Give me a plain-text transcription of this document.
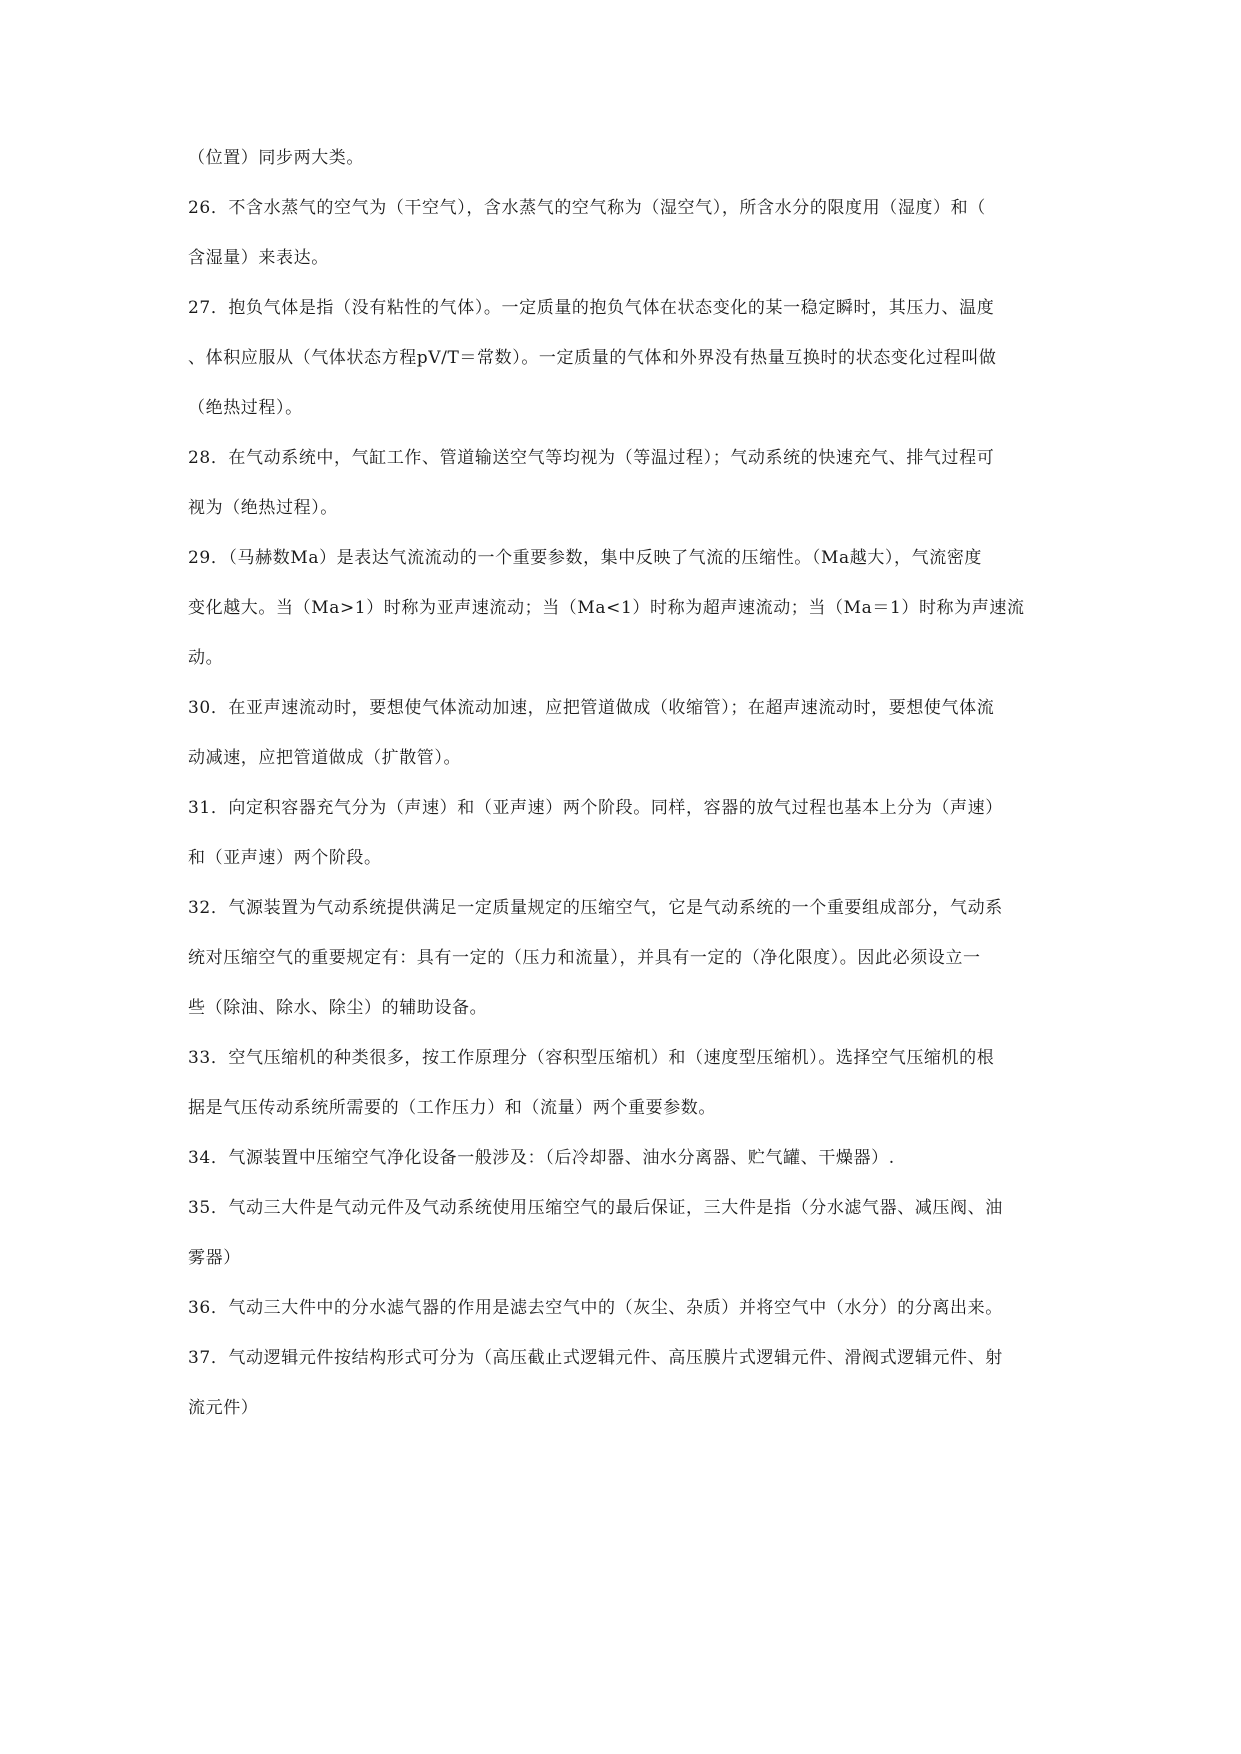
（位置）同步两大类。
26．不含水蒸气的空气为（干空气），含水蒸气的空气称为（湿空气），所含水分的限度用（湿度）和（
含湿量）来表达。
27．抱负气体是指（没有粘性的气体）。一定质量的抱负气体在状态变化的某一稳定瞬时，其压力、温度
、体积应服从（气体状态方程pV/T＝常数）。一定质量的气体和外界没有热量互换时的状态变化过程叫做
（绝热过程）。
28．在气动系统中，气缸工作、管道输送空气等均视为（等温过程）；气动系统的快速充气、排气过程可
视为（绝热过程）。
29．（马赫数Ma）是表达气流流动的一个重要参数，集中反映了气流的压缩性。（Ma越大），气流密度
变化越大。当（Ma>1）时称为亚声速流动；当（Ma<1）时称为超声速流动；当（Ma＝1）时称为声速流
动。
30．在亚声速流动时，要想使气体流动加速，应把管道做成（收缩管）；在超声速流动时，要想使气体流
动减速，应把管道做成（扩散管）。
31．向定积容器充气分为（声速）和（亚声速）两个阶段。同样，容器的放气过程也基本上分为（声速）
和（亚声速）两个阶段。
32．气源装置为气动系统提供满足一定质量规定的压缩空气，它是气动系统的一个重要组成部分，气动系
统对压缩空气的重要规定有：具有一定的（压力和流量），并具有一定的（净化限度）。因此必须设立一
些（除油、除水、除尘）的辅助设备。
33．空气压缩机的种类很多，按工作原理分（容积型压缩机）和（速度型压缩机）。选择空气压缩机的根
据是气压传动系统所需要的（工作压力）和（流量）两个重要参数。
34．气源装置中压缩空气净化设备一般涉及：（后冷却器、油水分离器、贮气罐、干燥器）.
35．气动三大件是气动元件及气动系统使用压缩空气的最后保证，三大件是指（分水滤气器、减压阀、油
雾器）
36．气动三大件中的分水滤气器的作用是滤去空气中的（灰尘、杂质）并将空气中（水分）的分离出来。
37．气动逻辑元件按结构形式可分为（高压截止式逻辑元件、高压膜片式逻辑元件、滑阀式逻辑元件、射
流元件）
